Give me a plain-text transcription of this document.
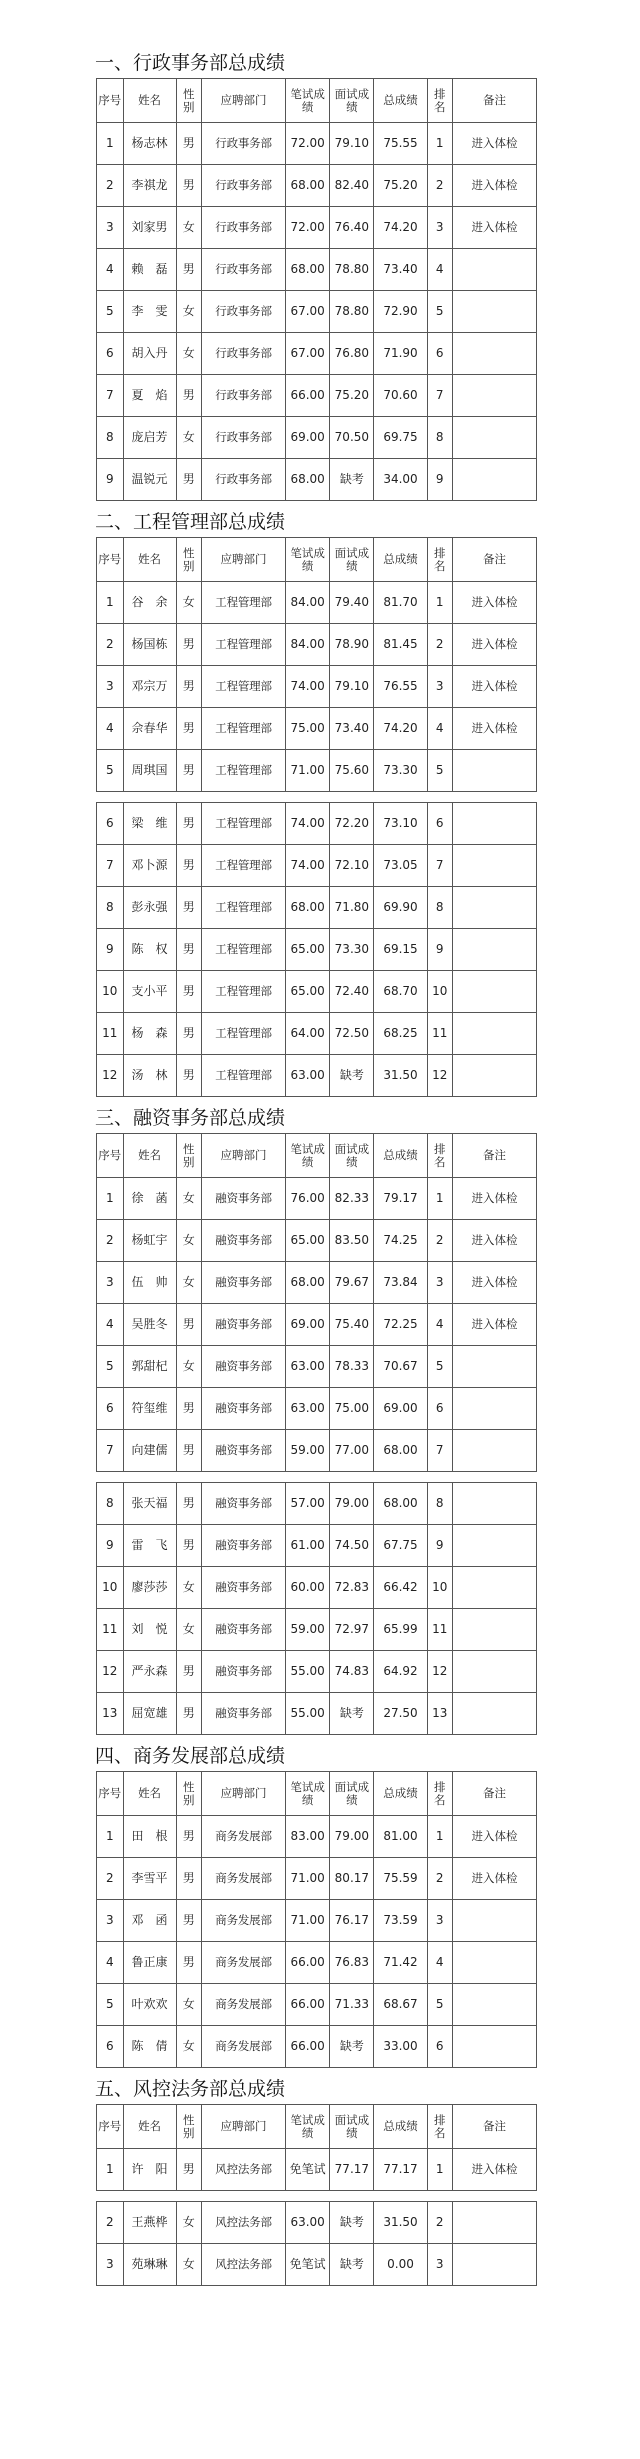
一、行政事务部总成绩
序号	姓名	性别	应聘部门	笔试成绩	面试成绩	总成绩	排名	备注
1	杨志林	男	行政事务部	72.00	79.10	75.55	1	进入体检
2	李祺龙	男	行政事务部	68.00	82.40	75.20	2	进入体检
3	刘家男	女	行政事务部	72.00	76.40	74.20	3	进入体检
4	赖　磊	男	行政事务部	68.00	78.80	73.40	4	
5	李　雯	女	行政事务部	67.00	78.80	72.90	5	
6	胡入丹	女	行政事务部	67.00	76.80	71.90	6	
7	夏　焰	男	行政事务部	66.00	75.20	70.60	7	
8	庞启芳	女	行政事务部	69.00	70.50	69.75	8	
9	温锐元	男	行政事务部	68.00	缺考	34.00	9	
二、工程管理部总成绩
序号	姓名	性别	应聘部门	笔试成绩	面试成绩	总成绩	排名	备注
1	谷　余	女	工程管理部	84.00	79.40	81.70	1	进入体检
2	杨国栋	男	工程管理部	84.00	78.90	81.45	2	进入体检
3	邓宗万	男	工程管理部	74.00	79.10	76.55	3	进入体检
4	佘春华	男	工程管理部	75.00	73.40	74.20	4	进入体检
5	周琪国	男	工程管理部	71.00	75.60	73.30	5	
6	梁　维	男	工程管理部	74.00	72.20	73.10	6	
7	邓卜源	男	工程管理部	74.00	72.10	73.05	7	
8	彭永强	男	工程管理部	68.00	71.80	69.90	8	
9	陈　权	男	工程管理部	65.00	73.30	69.15	9	
10	支小平	男	工程管理部	65.00	72.40	68.70	10	
11	杨　森	男	工程管理部	64.00	72.50	68.25	11	
12	汤　林	男	工程管理部	63.00	缺考	31.50	12	
三、融资事务部总成绩
序号	姓名	性别	应聘部门	笔试成绩	面试成绩	总成绩	排名	备注
1	徐　菡	女	融资事务部	76.00	82.33	79.17	1	进入体检
2	杨虹宇	女	融资事务部	65.00	83.50	74.25	2	进入体检
3	伍　帅	女	融资事务部	68.00	79.67	73.84	3	进入体检
4	吴胜冬	男	融资事务部	69.00	75.40	72.25	4	进入体检
5	郭甜杞	女	融资事务部	63.00	78.33	70.67	5	
6	符玺维	男	融资事务部	63.00	75.00	69.00	6	
7	向建儒	男	融资事务部	59.00	77.00	68.00	7	
8	张天福	男	融资事务部	57.00	79.00	68.00	8	
9	雷　飞	男	融资事务部	61.00	74.50	67.75	9	
10	廖莎莎	女	融资事务部	60.00	72.83	66.42	10	
11	刘　悦	女	融资事务部	59.00	72.97	65.99	11	
12	严永森	男	融资事务部	55.00	74.83	64.92	12	
13	屈宽雄	男	融资事务部	55.00	缺考	27.50	13	
四、商务发展部总成绩
序号	姓名	性别	应聘部门	笔试成绩	面试成绩	总成绩	排名	备注
1	田　根	男	商务发展部	83.00	79.00	81.00	1	进入体检
2	李雪平	男	商务发展部	71.00	80.17	75.59	2	进入体检
3	邓　函	男	商务发展部	71.00	76.17	73.59	3	
4	鲁正康	男	商务发展部	66.00	76.83	71.42	4	
5	叶欢欢	女	商务发展部	66.00	71.33	68.67	5	
6	陈　倩	女	商务发展部	66.00	缺考	33.00	6	
五、风控法务部总成绩
序号	姓名	性别	应聘部门	笔试成绩	面试成绩	总成绩	排名	备注
1	许　阳	男	风控法务部	免笔试	77.17	77.17	1	进入体检
2	王燕桦	女	风控法务部	63.00	缺考	31.50	2	
3	苑琳琳	女	风控法务部	免笔试	缺考	0.00	3	
